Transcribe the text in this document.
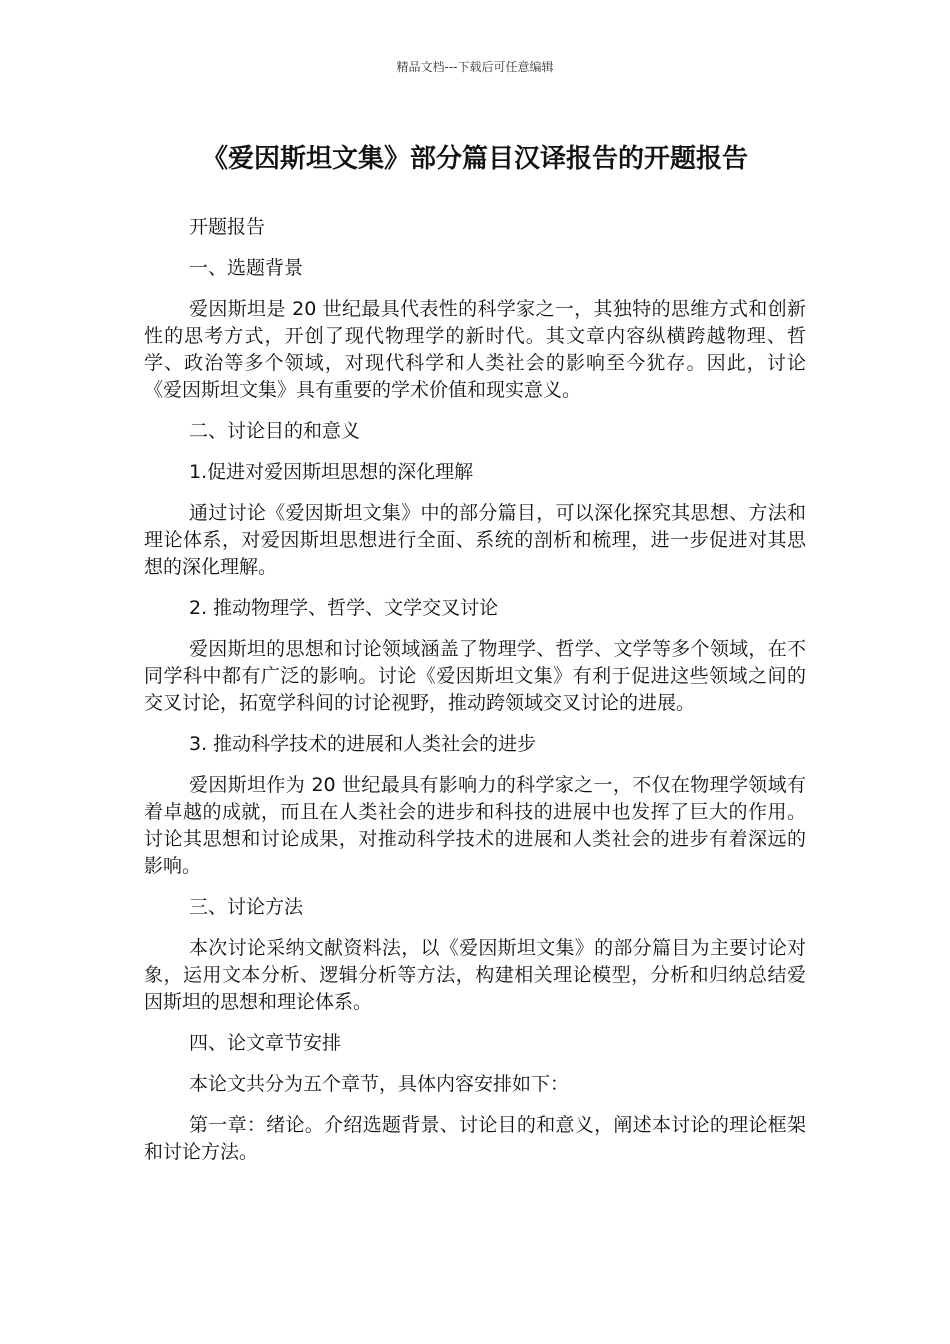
精品文档---下载后可任意编辑
《爱因斯坦文集》部分篇目汉译报告的开题报告

开题报告

一、选题背景

爱因斯坦是 20 世纪最具代表性的科学家之一，其独特的思维方式和创新性的思考方式，开创了现代物理学的新时代。其文章内容纵横跨越物理、哲学、政治等多个领域，对现代科学和人类社会的影响至今犹存。因此，讨论《爱因斯坦文集》具有重要的学术价值和现实意义。

二、讨论目的和意义

1.促进对爱因斯坦思想的深化理解

通过讨论《爱因斯坦文集》中的部分篇目，可以深化探究其思想、方法和理论体系，对爱因斯坦思想进行全面、系统的剖析和梳理，进一步促进对其思想的深化理解。

2. 推动物理学、哲学、文学交叉讨论

爱因斯坦的思想和讨论领域涵盖了物理学、哲学、文学等多个领域，在不同学科中都有广泛的影响。讨论《爱因斯坦文集》有利于促进这些领域之间的交叉讨论，拓宽学科间的讨论视野，推动跨领域交叉讨论的进展。

3. 推动科学技术的进展和人类社会的进步

爱因斯坦作为 20 世纪最具有影响力的科学家之一，不仅在物理学领域有着卓越的成就，而且在人类社会的进步和科技的进展中也发挥了巨大的作用。讨论其思想和讨论成果，对推动科学技术的进展和人类社会的进步有着深远的影响。

三、讨论方法

本次讨论采纳文献资料法，以《爱因斯坦文集》的部分篇目为主要讨论对象，运用文本分析、逻辑分析等方法，构建相关理论模型，分析和归纳总结爱因斯坦的思想和理论体系。

四、论文章节安排

本论文共分为五个章节，具体内容安排如下：

第一章：绪论。介绍选题背景、讨论目的和意义，阐述本讨论的理论框架和讨论方法。
